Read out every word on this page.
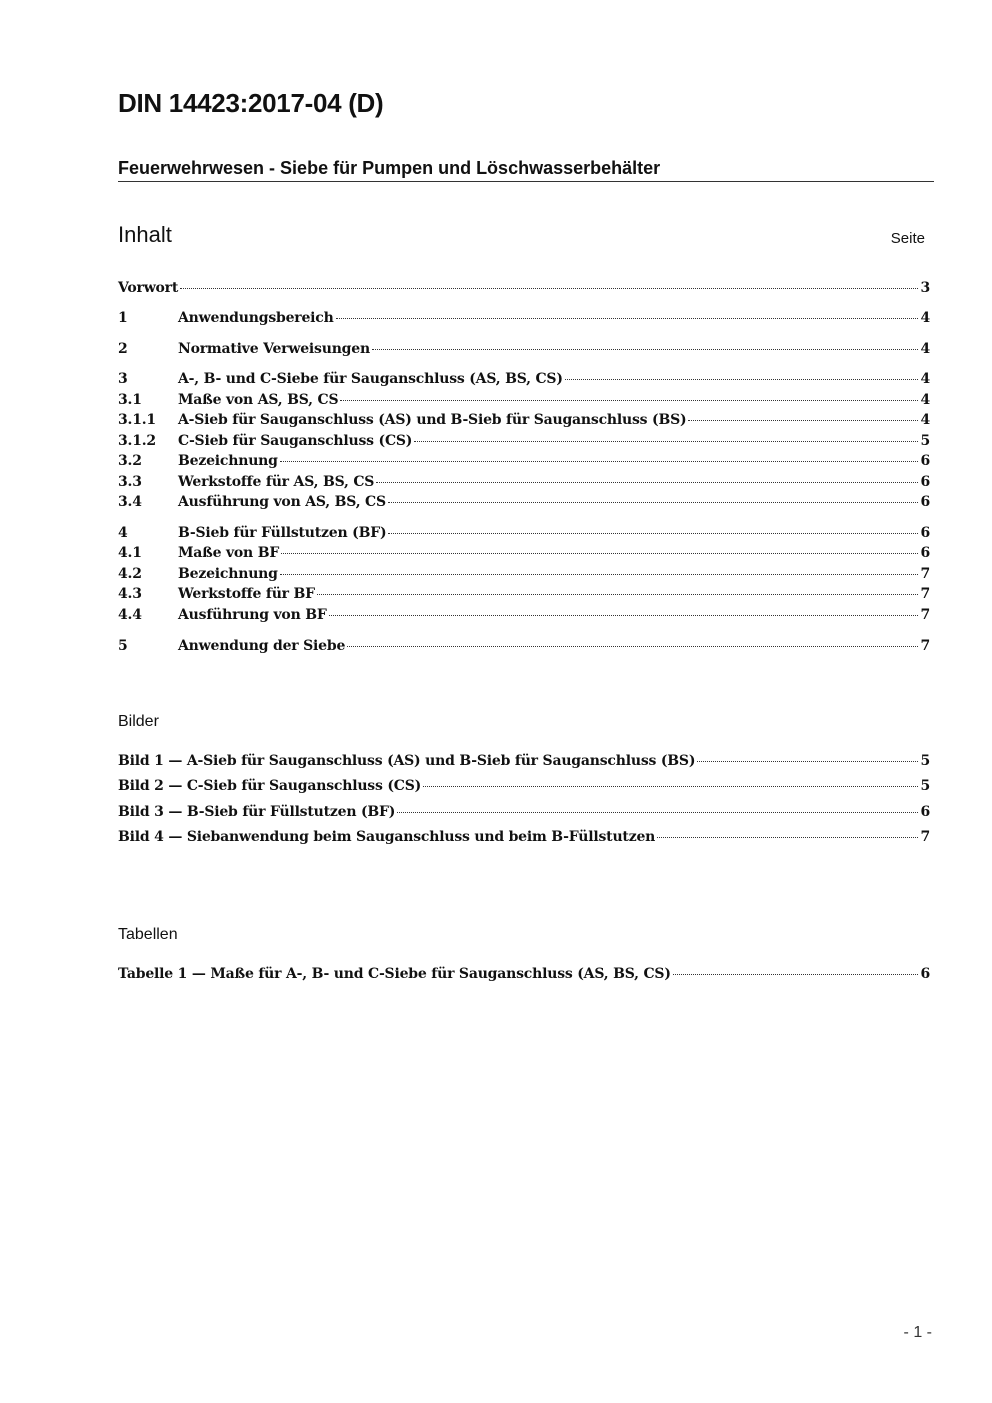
DIN 14423:2017-04 (D)
Feuerwehrwesen - Siebe für Pumpen und Löschwasserbehälter
Inhalt	Seite
Vorwort	3
1	Anwendungsbereich	4
2	Normative Verweisungen	4
3	A-, B- und C-Siebe für Sauganschluss (AS, BS, CS)	4
3.1	Maße von AS, BS, CS	4
3.1.1	A-Sieb für Sauganschluss (AS) und B-Sieb für Sauganschluss (BS)	4
3.1.2	C-Sieb für Sauganschluss (CS)	5
3.2	Bezeichnung	6
3.3	Werkstoffe für AS, BS, CS	6
3.4	Ausführung von AS, BS, CS	6
4	B-Sieb für Füllstutzen (BF)	6
4.1	Maße von BF	6
4.2	Bezeichnung	7
4.3	Werkstoffe für BF	7
4.4	Ausführung von BF	7
5	Anwendung der Siebe	7
Bilder
Bild 1 — A-Sieb für Sauganschluss (AS) und B-Sieb für Sauganschluss (BS)	5
Bild 2 — C-Sieb für Sauganschluss (CS)	5
Bild 3 — B-Sieb für Füllstutzen (BF)	6
Bild 4 — Siebanwendung beim Sauganschluss und beim B-Füllstutzen	7
Tabellen
Tabelle 1 — Maße für A-, B- und C-Siebe für Sauganschluss (AS, BS, CS)	6
- 1 -
